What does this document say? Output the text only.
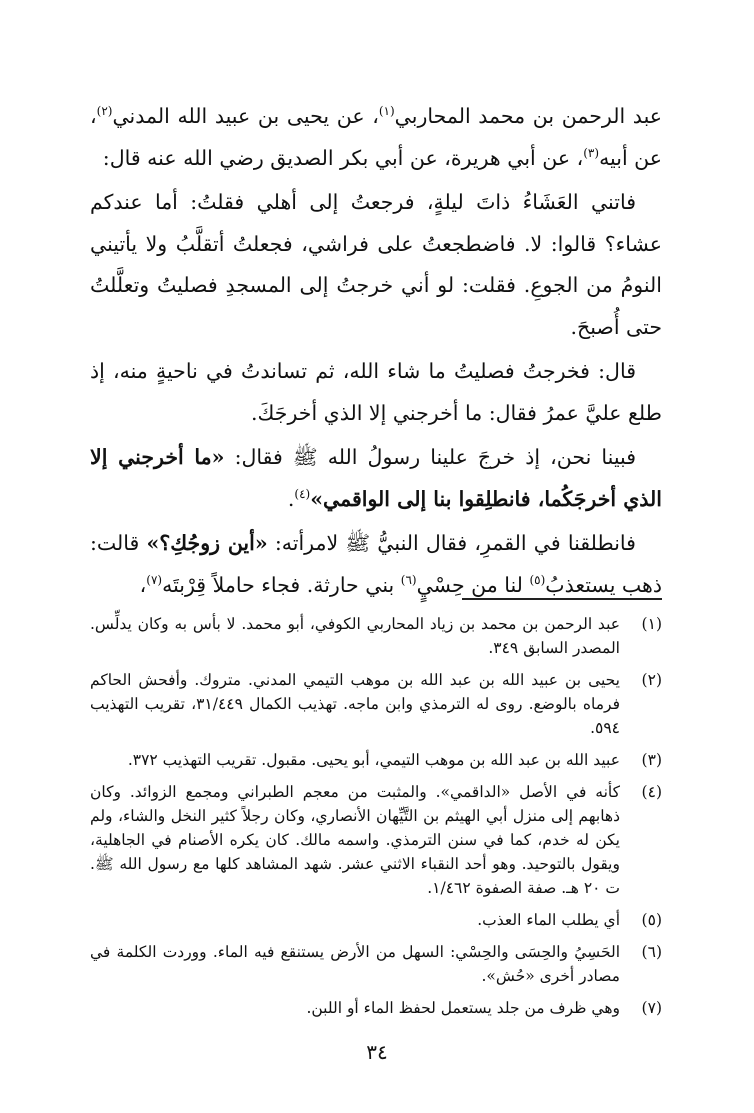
عبد الرحمن بن محمد المحاربي$^{(١)}$، عن يحيى بن عبيد الله المدني$^{(٢)}$، عن أبيه$^{(٣)}$، عن أبي هريرة، عن أبي بكر الصديق رضي الله عنه قال:

فاتني العَشَاءُ ذاتَ ليلةٍ، فرجعتُ إلى أهلي فقلتُ: أما عندكم عشاء؟ قالوا: لا. فاضطجعتُ على فراشي، فجعلتُ أتقلَّبُ ولا يأتيني النومُ من الجوعِ. فقلت: لو أني خرجتُ إلى المسجدِ فصليتُ وتعلَّلتُ حتى أُصبحَ.

قال: فخرجتُ فصليتُ ما شاء الله، ثم تساندتُ في ناحيةٍ منه، إذ طلع عليَّ عمرُ فقال: ما أخرجني إلا الذي أخرجَكَ.

فبينا نحن، إذ خرجَ علينا رسولُ الله ﷺ فقال: «ما أخرجني إلا الذي أخرجَكُما، فانطلِقوا بنا إلى الواقمي»$^{(٤)}$.

فانطلقنا في القمرِ، فقال النبيُّ ﷺ لامرأته: «أين زوجُكِ؟» قالت: ذهب يستعذبُ$^{(٥)}$ لنا من حِسْيٍ$^{(٦)}$ بني حارثة. فجاء حاملاً قِرْبتَه$^{(٧)}$،

(١)
عبد الرحمن بن محمد بن زياد المحاربي الكوفي، أبو محمد. لا بأس به وكان يدلِّس. المصدر السابق ٣٤٩.
(٢)
يحيى بن عبيد الله بن عبد الله بن موهب التيمي المدني. متروك. وأفحش الحاكم فرماه بالوضع. روى له الترمذي وابن ماجه. تهذيب الكمال ٣١/٤٤٩، تقريب التهذيب ٥٩٤.
(٣)
عبيد الله بن عبد الله بن موهب التيمي، أبو يحيى. مقبول. تقريب التهذيب ٣٧٢.
(٤)
كأنه في الأصل «الداقمي». والمثبت من معجم الطبراني ومجمع الزوائد. وكان ذهابهم إلى منزل أبي الهيثم بن التَّيِّهان الأنصاري، وكان رجلاً كثير النخل والشاء، ولم يكن له خدم، كما في سنن الترمذي. واسمه مالك. كان يكره الأصنام في الجاهلية، ويقول بالتوحيد. وهو أحد النقباء الاثني عشر. شهد المشاهد كلها مع رسول الله ﷺ. ت ٢٠ هـ. صفة الصفوة ١/٤٦٢.
(٥)
أي يطلب الماء العذب.
(٦)
الحَسِيُ والحِسَى والحِسْي: السهل من الأرض يستنقع فيه الماء. ووردت الكلمة في مصادر أخرى «حُش».
(٧)
وهي ظرف من جلد يستعمل لحفظ الماء أو اللبن.
٣٤
